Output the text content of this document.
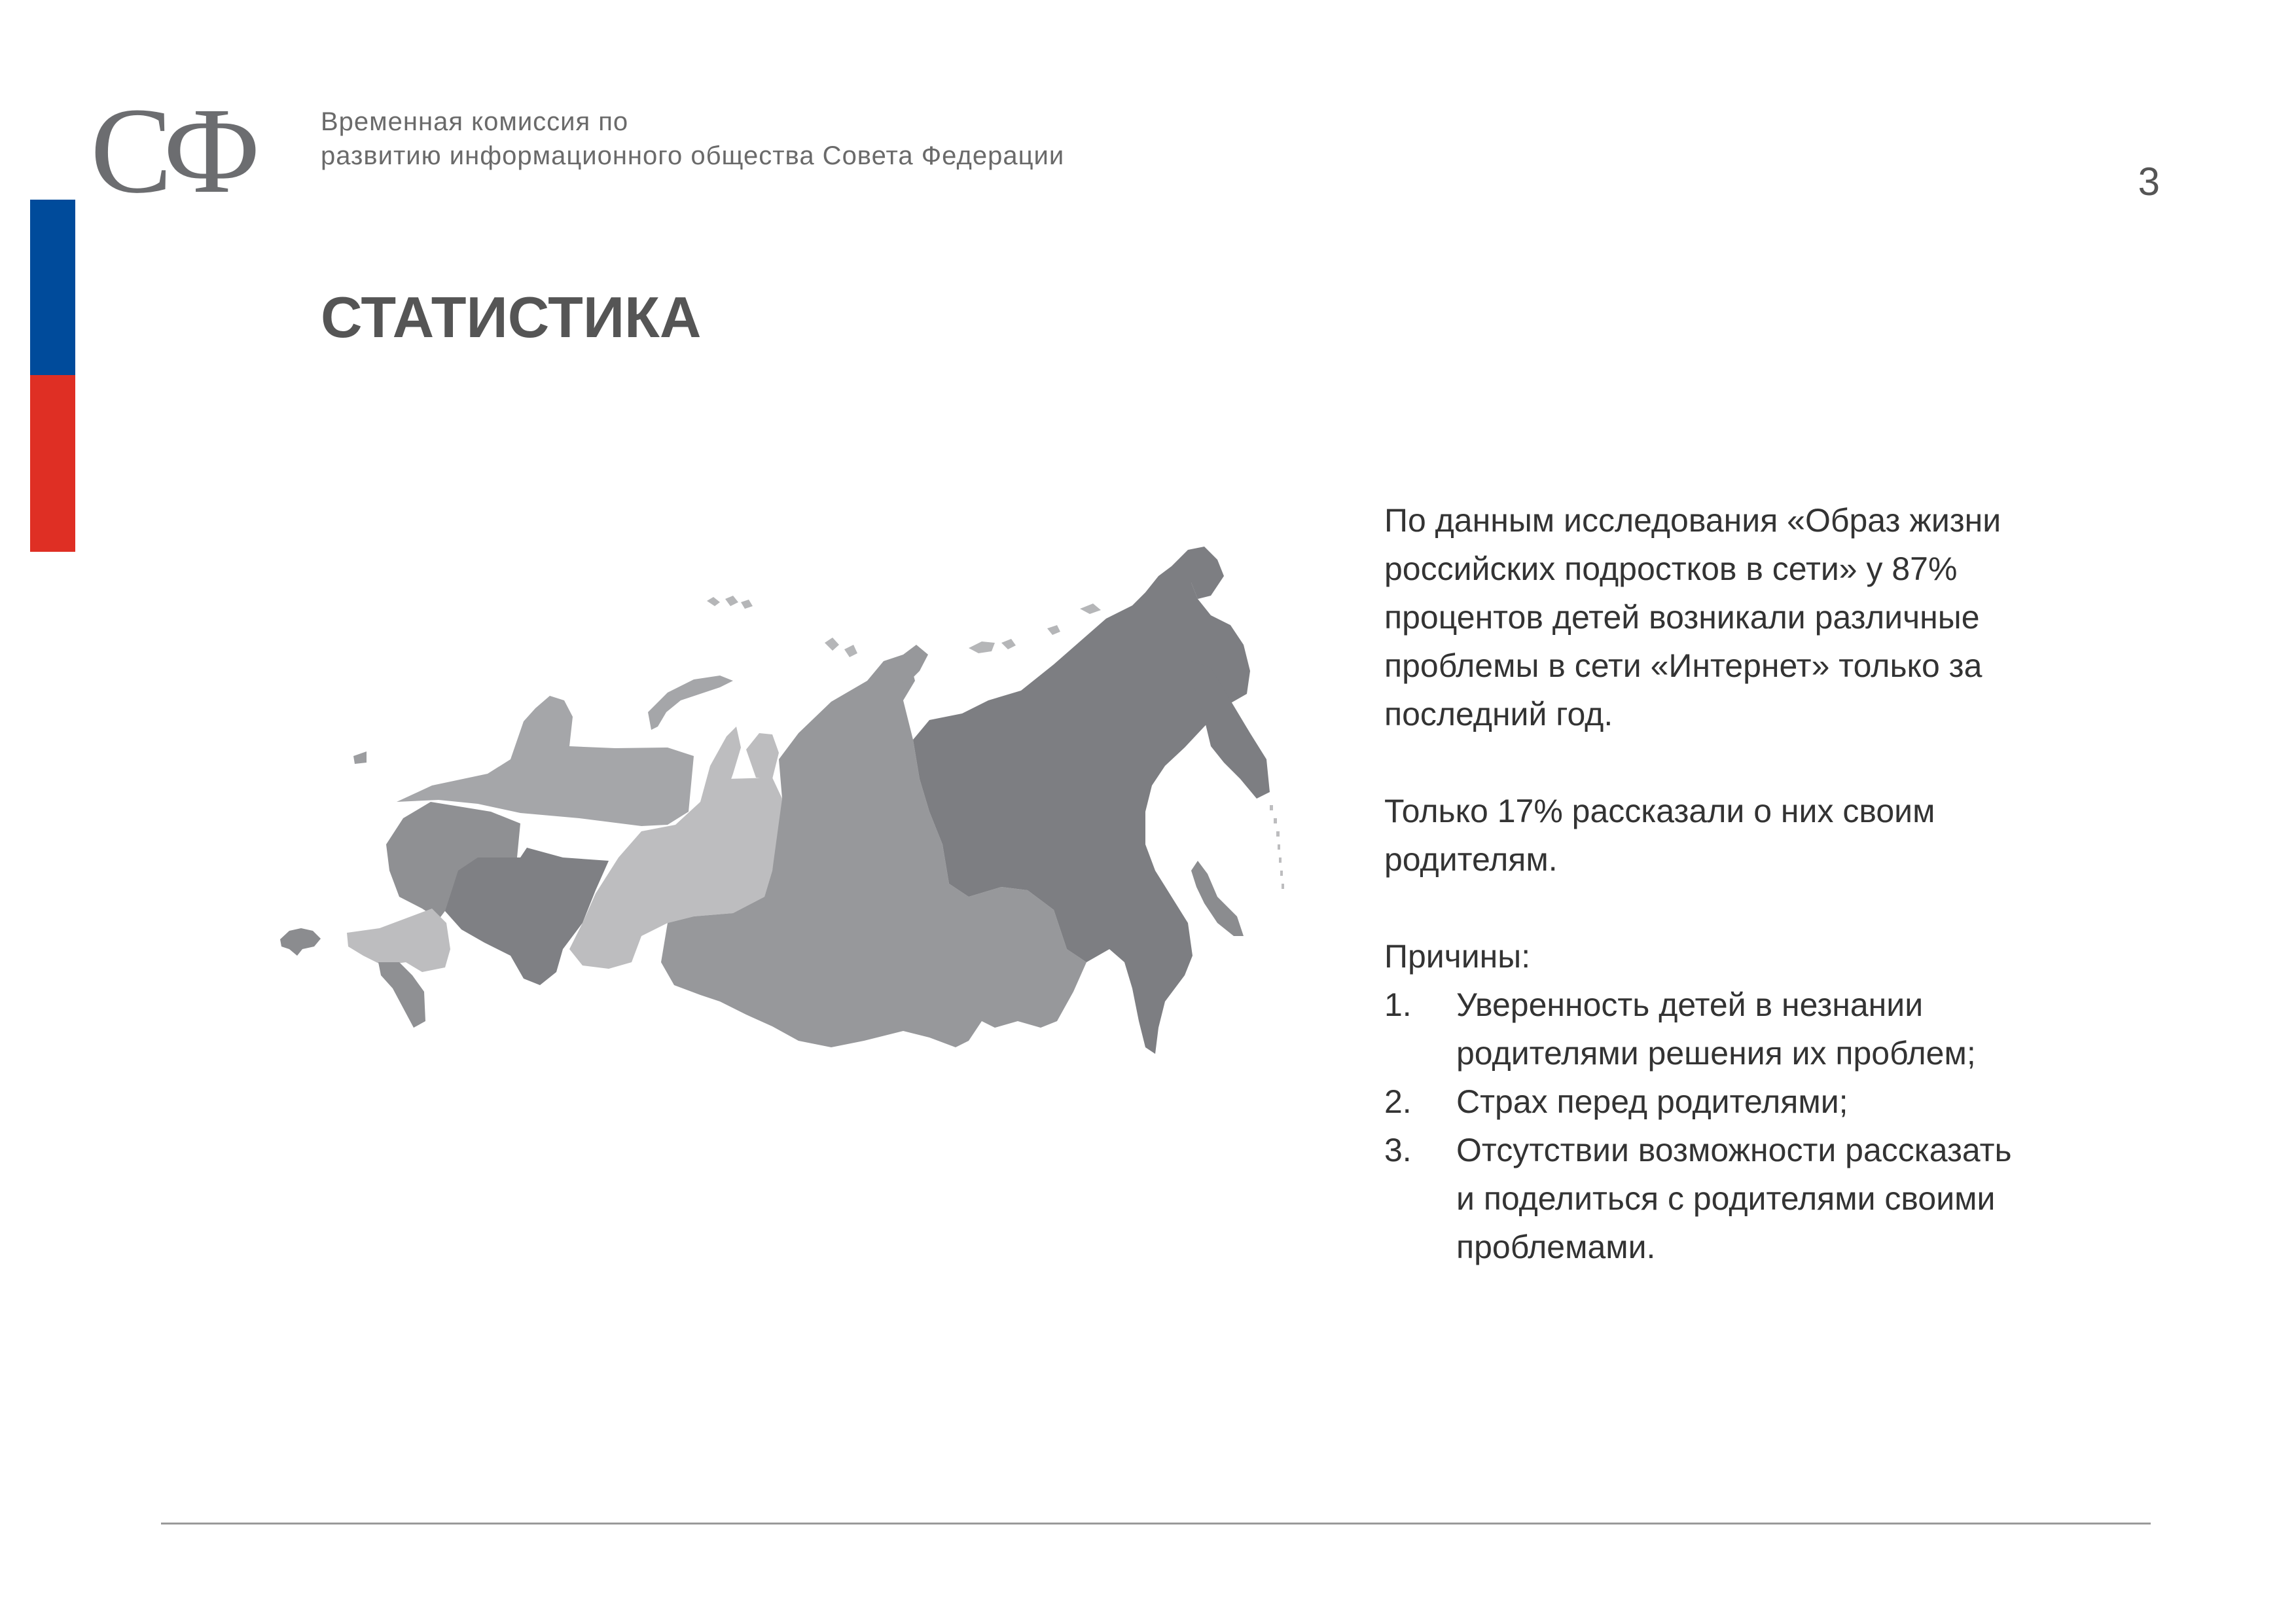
СФ	Временная комиссия по
развитию информационного общества Совета Федерации
3
СТАТИСТИКА

По данным исследования «Образ жизни
российских подростков в сети» у 87%
процентов детей возникали различные
проблемы в сети «Интернет» только за
последний год.

Только 17% рассказали о них своим
родителям.

Причины:

1.	Уверенность детей в незнании
родителями решения их проблем;
2.	Страх перед родителями;
3.	Отсутствии возможности рассказать
и поделиться с родителями своими
проблемами.
